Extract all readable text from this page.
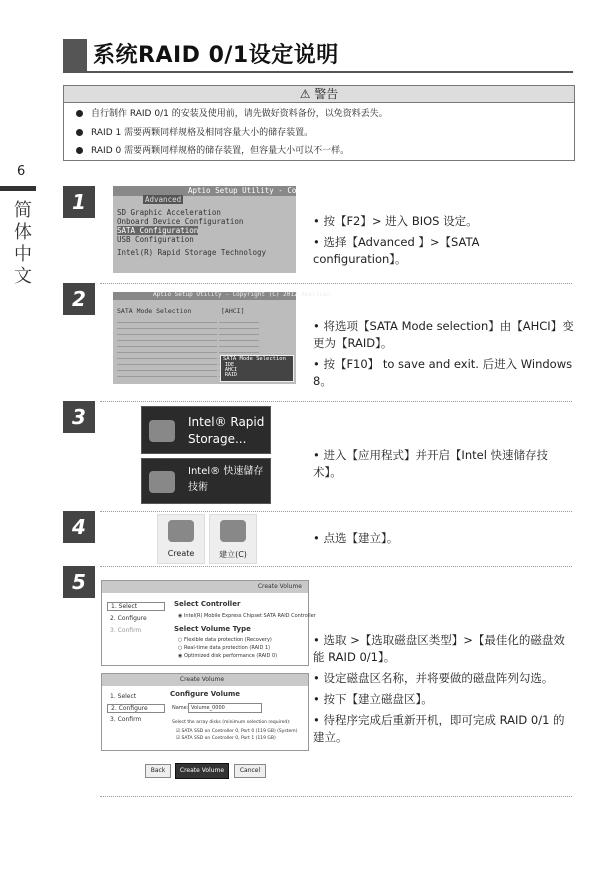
系统RAID 0/1设定说明
⚠ 警告
自行制作 RAID 0/1 的安装及使用前，请先做好资料备份，以免资料丢失。
RAID 1 需要两颗同样规格及相同容量大小的储存装置。
RAID 0 需要两颗同样规格的储存装置，但容量大小可以不一样。
6
简体中文
1	Aptio Setup Utility - Cop
Advanced
SD Graphic Acceleration
Onboard Device Configuration
SATA Configuration
USB Configuration
Intel(R) Rapid Storage Technology

• 按【F2】> 进入 BIOS 设定。

• 选择【Advanced 】>【SATA configuration】。

2	Aptio Setup Utility - Copyright (C) 2012 American
SATA Mode Selection	[AHCI]
SATA Mode Selection
IDE
AHCI
RAID

• 将选项【SATA Mode selection】由【AHCI】变更为【RAID】。

• 按【F10】 to save and exit. 后进入 Windows 8。

3	Intel® Rapid Storage...
Intel® 快速儲存技術

• 进入【应用程式】并开启【Intel 快速储存技术】。

4
Create	建立(C)

• 点选【建立】。

5	Create Volume
1. Select
2. Configure
3. Confirm
Select Controller
◉ Intel(R) Mobile Express Chipset SATA RAID Controller
Select Volume Type
○ Flexible data protection (Recovery)
○ Real-time data protection (RAID 1)
◉ Optimized disk performance (RAID 0)
Create Volume
1. Select
2. Configure
3. Confirm
Configure Volume
Name: Volume_0000
Select the array disks (minimum selection required):
☑ SATA SSD on Controller 0, Port 0 (119 GB) (System)
☑ SATA SSD on Controller 0, Port 1 (119 GB)
Back	Create Volume	Cancel

• 选取 >【选取磁盘区类型】>【最佳化的磁盘效能 RAID 0/1】。

• 设定磁盘区名称，并将要做的磁盘阵列勾选。

• 按下【建立磁盘区】。

• 待程序完成后重新开机，即可完成 RAID 0/1 的建立。
